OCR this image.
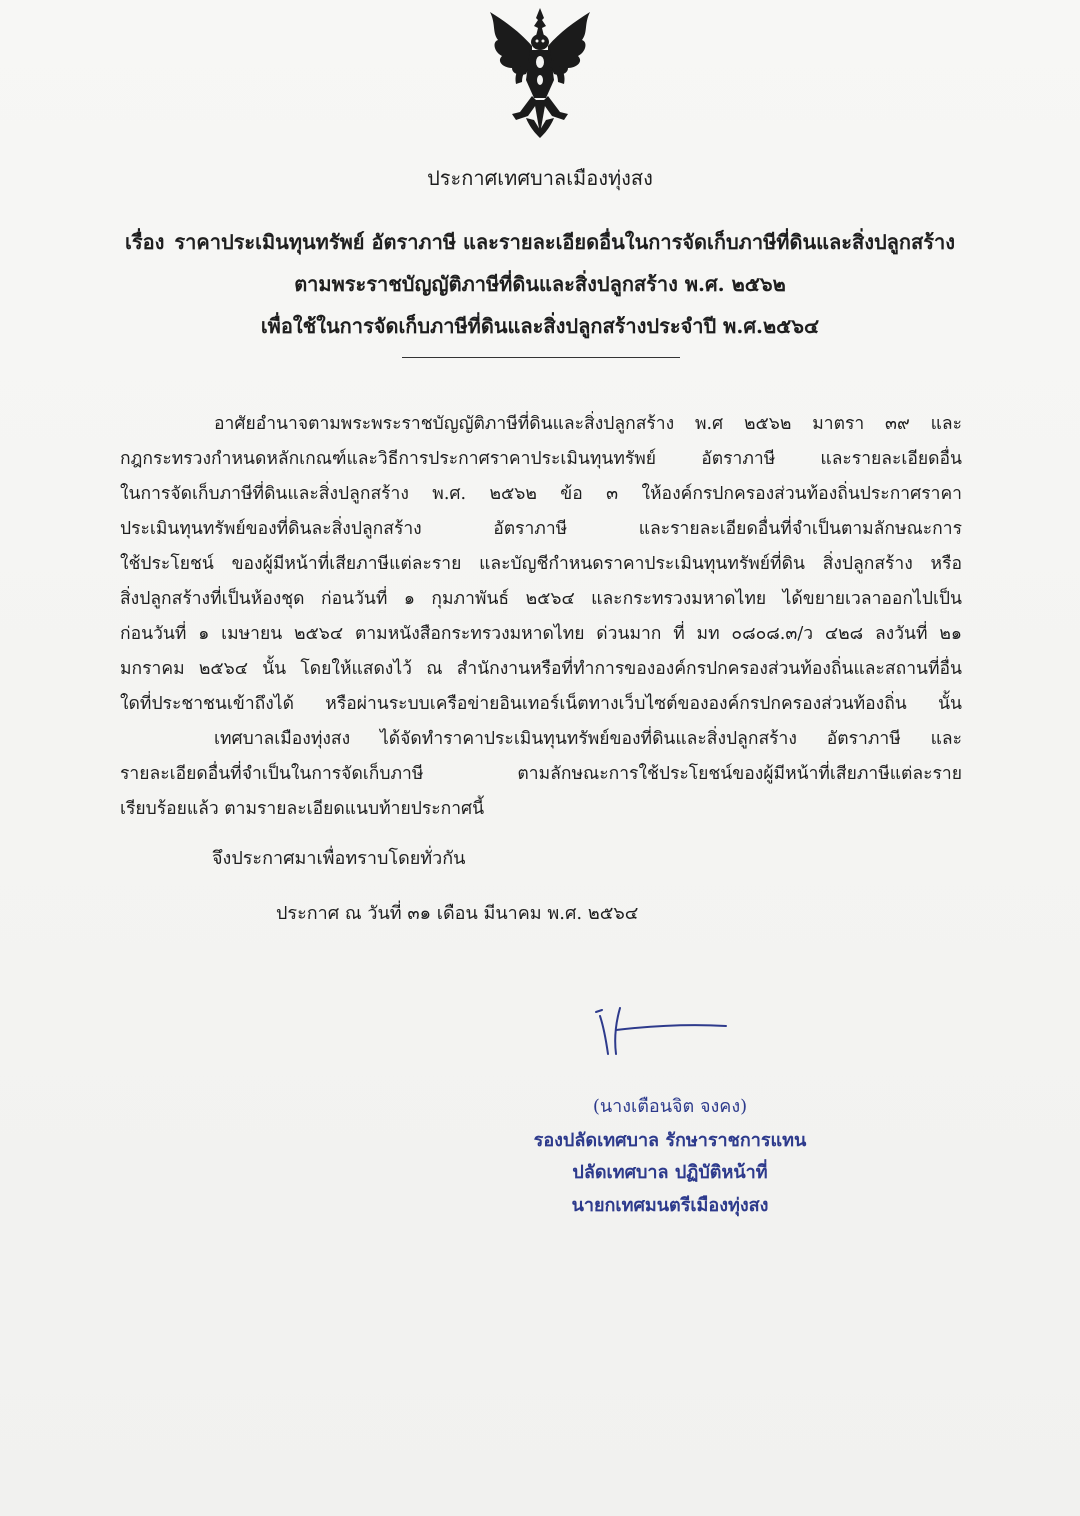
ประกาศเทศบาลเมืองทุ่งสง
เรื่อง ราคาประเมินทุนทรัพย์ อัตราภาษี และรายละเอียดอื่นในการจัดเก็บภาษีที่ดินและสิ่งปลูกสร้าง
ตามพระราชบัญญัติภาษีที่ดินและสิ่งปลูกสร้าง พ.ศ. ๒๕๖๒
เพื่อใช้ในการจัดเก็บภาษีที่ดินและสิ่งปลูกสร้างประจำปี พ.ศ.๒๕๖๔
อาศัยอำนาจตามพระพระราชบัญญัติภาษีที่ดินและสิ่งปลูกสร้าง พ.ศ ๒๕๖๒ มาตรา ๓๙ และ
กฎกระทรวงกำหนดหลักเกณฑ์และวิธีการประกาศราคาประเมินทุนทรัพย์ อัตราภาษี และรายละเอียดอื่น
ในการจัดเก็บภาษีที่ดินและสิ่งปลูกสร้าง พ.ศ. ๒๕๖๒ ข้อ ๓ ให้องค์กรปกครองส่วนท้องถิ่นประกาศราคา
ประเมินทุนทรัพย์ของที่ดินละสิ่งปลูกสร้าง อัตราภาษี และรายละเอียดอื่นที่จำเป็นตามลักษณะการ
ใช้ประโยชน์ ของผู้มีหน้าที่เสียภาษีแต่ละราย และบัญชีกำหนดราคาประเมินทุนทรัพย์ที่ดิน สิ่งปลูกสร้าง หรือ
สิ่งปลูกสร้างที่เป็นห้องชุด ก่อนวันที่ ๑ กุมภาพันธ์ ๒๕๖๔ และกระทรวงมหาดไทย ได้ขยายเวลาออกไปเป็น
ก่อนวันที่ ๑ เมษายน ๒๕๖๔ ตามหนังสือกระทรวงมหาดไทย ด่วนมาก ที่ มท ๐๘๐๘.๓/ว ๔๒๘ ลงวันที่ ๒๑
มกราคม ๒๕๖๔ นั้น โดยให้แสดงไว้ ณ สำนักงานหรือที่ทำการขององค์กรปกครองส่วนท้องถิ่นและสถานที่อื่น
ใดที่ประชาชนเข้าถึงได้ หรือผ่านระบบเครือข่ายอินเทอร์เน็ตทางเว็บไซต์ขององค์กรปกครองส่วนท้องถิ่น นั้น
เทศบาลเมืองทุ่งสง ได้จัดทำราคาประเมินทุนทรัพย์ของที่ดินและสิ่งปลูกสร้าง อัตราภาษี และ
รายละเอียดอื่นที่จำเป็นในการจัดเก็บภาษี ตามลักษณะการใช้ประโยชน์ของผู้มีหน้าที่เสียภาษีแต่ละราย
เรียบร้อยแล้ว ตามรายละเอียดแนบท้ายประกาศนี้
จึงประกาศมาเพื่อทราบโดยทั่วกัน
ประกาศ ณ วันที่ ๓๑ เดือน มีนาคม พ.ศ. ๒๕๖๔
(นางเตือนจิต จงคง)
รองปลัดเทศบาล รักษาราชการแทน
ปลัดเทศบาล ปฏิบัติหน้าที่
นายกเทศมนตรีเมืองทุ่งสง
